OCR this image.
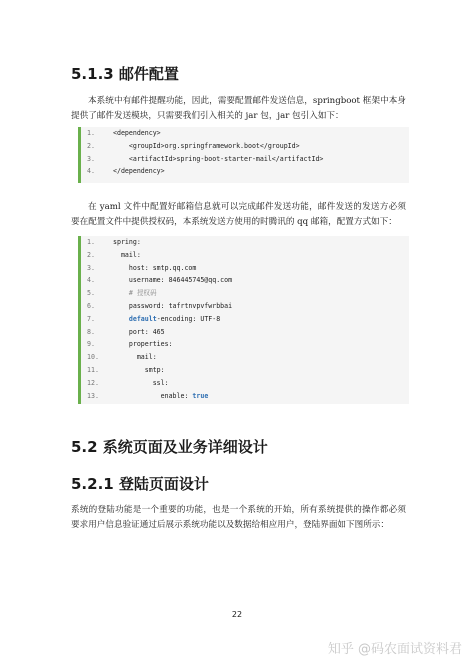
5.1.3 邮件配置

本系统中有邮件提醒功能，因此，需要配置邮件发送信息，springboot 框架中本身提供了邮件发送模块，只需要我们引入相关的 jar 包，jar 包引入如下：

1.	<dependency>
2.	<groupId>org.springframework.boot</groupId>
3.	<artifactId>spring-boot-starter-mail</artifactId>
4.	</dependency>

在 yaml 文件中配置好邮箱信息就可以完成邮件发送功能，邮件发送的发送方必须要在配置文件中提供授权码，本系统发送方使用的时腾讯的 qq 邮箱，配置方式如下：

1.	spring:
2.	mail:
3.	host: smtp.qq.com
4.	username: 846445745@qq.com
5.	# 授权码
6.	password: tafrtnvpvfwrbbai
7.	default-encoding: UTF-8
8.	port: 465
9.	properties:
10.      mail:
11.        smtp:
12.          ssl:
13.            enable: true
5.2 系统页面及业务详细设计
5.2.1 登陆页面设计

系统的登陆功能是一个重要的功能，也是一个系统的开始，所有系统提供的操作都必须要求用户信息验证通过后展示系统功能以及数据给相应用户，登陆界面如下图所示：

22
知乎 @码农面试资料君
